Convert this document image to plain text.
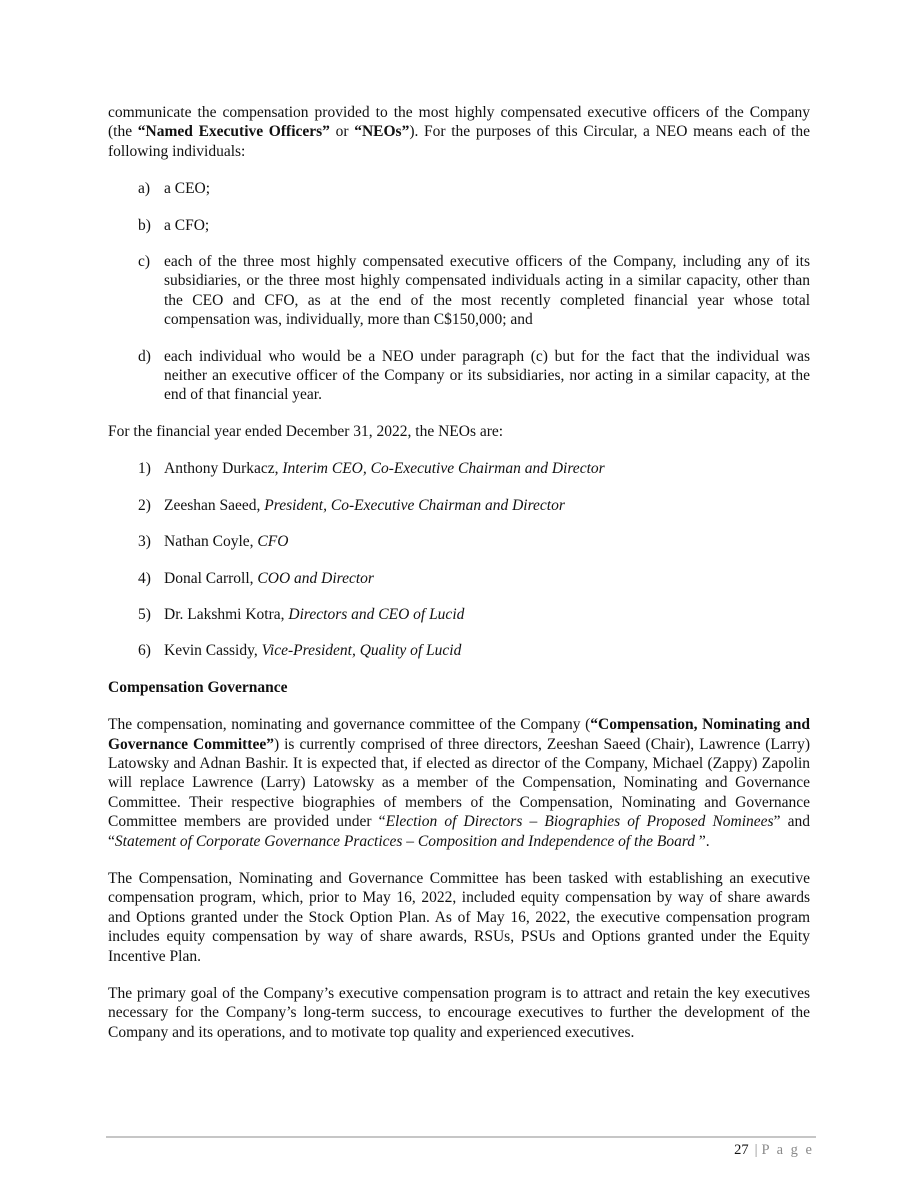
communicate the compensation provided to the most highly compensated executive officers of the Company (the “Named Executive Officers” or “NEOs”). For the purposes of this Circular, a NEO means each of the following individuals:

a) a CEO;
b) a CFO;
c) each of the three most highly compensated executive officers of the Company, including any of its subsidiaries, or the three most highly compensated individuals acting in a similar capacity, other than the CEO and CFO, as at the end of the most recently completed financial year whose total compensation was, individually, more than C$150,000; and
d) each individual who would be a NEO under paragraph (c) but for the fact that the individual was neither an executive officer of the Company or its subsidiaries, nor acting in a similar capacity, at the end of that financial year.

For the financial year ended December 31, 2022, the NEOs are:

1) Anthony Durkacz, Interim CEO, Co-Executive Chairman and Director
2) Zeeshan Saeed, President, Co-Executive Chairman and Director
3) Nathan Coyle, CFO
4) Donal Carroll, COO and Director
5) Dr. Lakshmi Kotra, Directors and CEO of Lucid
6) Kevin Cassidy, Vice-President, Quality of Lucid
Compensation Governance

The compensation, nominating and governance committee of the Company (“Compensation, Nominating and Governance Committee”) is currently comprised of three directors, Zeeshan Saeed (Chair), Lawrence (Larry) Latowsky and Adnan Bashir. It is expected that, if elected as director of the Company, Michael (Zappy) Zapolin will replace Lawrence (Larry) Latowsky as a member of the Compensation, Nominating and Governance Committee. Their respective biographies of members of the Compensation, Nominating and Governance Committee members are provided under “Election of Directors – Biographies of Proposed Nominees” and “Statement of Corporate Governance Practices – Composition and Independence of the Board ”.

The Compensation, Nominating and Governance Committee has been tasked with establishing an executive compensation program, which, prior to May 16, 2022, included equity compensation by way of share awards and Options granted under the Stock Option Plan. As of May 16, 2022, the executive compensation program includes equity compensation by way of share awards, RSUs, PSUs and Options granted under the Equity Incentive Plan.

The primary goal of the Company’s executive compensation program is to attract and retain the key executives necessary for the Company’s long-term success, to encourage executives to further the development of the Company and its operations, and to motivate top quality and experienced executives.

27 | P a g e
